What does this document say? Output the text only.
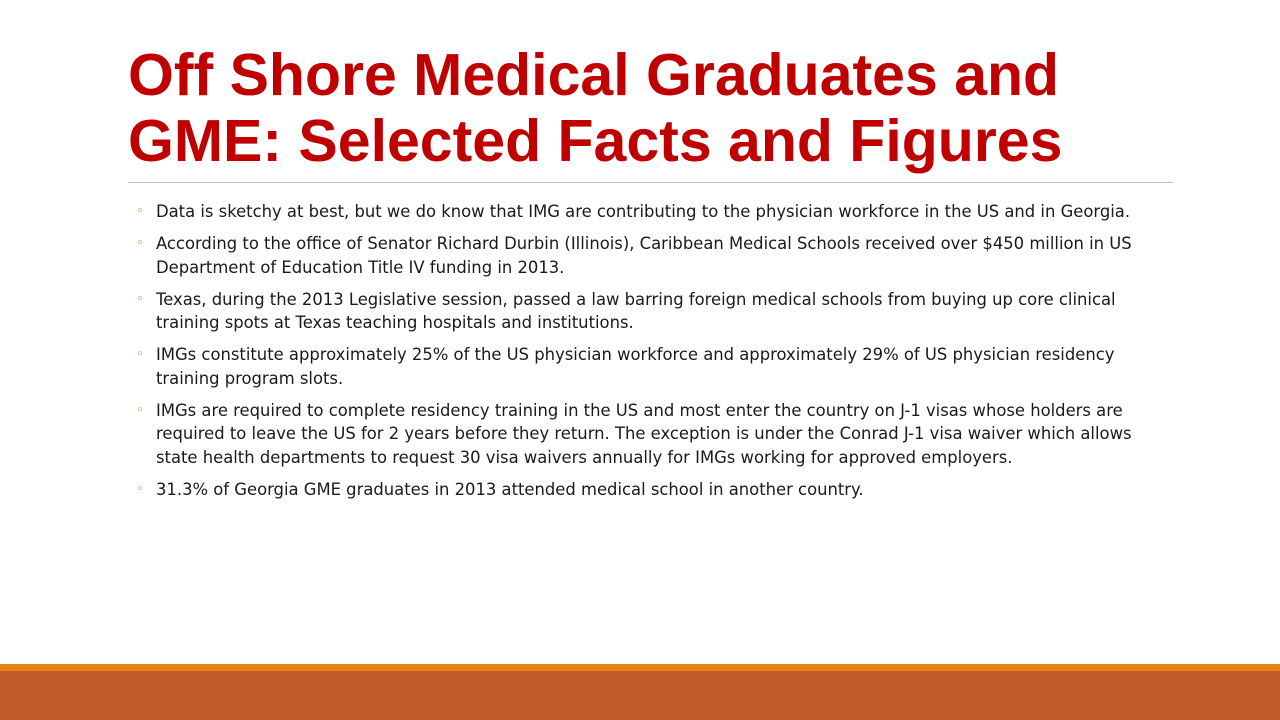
Off Shore Medical Graduates and
GME: Selected Facts and Figures
◦ Data is sketchy at best, but we do know that IMG are contributing to the physician workforce in the US and in Georgia.
◦ According to the office of Senator Richard Durbin (Illinois), Caribbean Medical Schools received over $450 million in US Department of Education Title IV funding in 2013.
◦ Texas, during the 2013 Legislative session, passed a law barring foreign medical schools from buying up core clinical training spots at Texas teaching hospitals and institutions.
◦ IMGs constitute approximately 25% of the US physician workforce and approximately 29% of US physician residency training program slots.
◦ IMGs are required to complete residency training in the US and most enter the country on J-1 visas whose holders are required to leave the US for 2 years before they return. The exception is under the Conrad J-1 visa waiver which allows state health departments to request 30 visa waivers annually for IMGs working for approved employers.
◦ 31.3% of Georgia GME graduates in 2013 attended medical school in another country.
